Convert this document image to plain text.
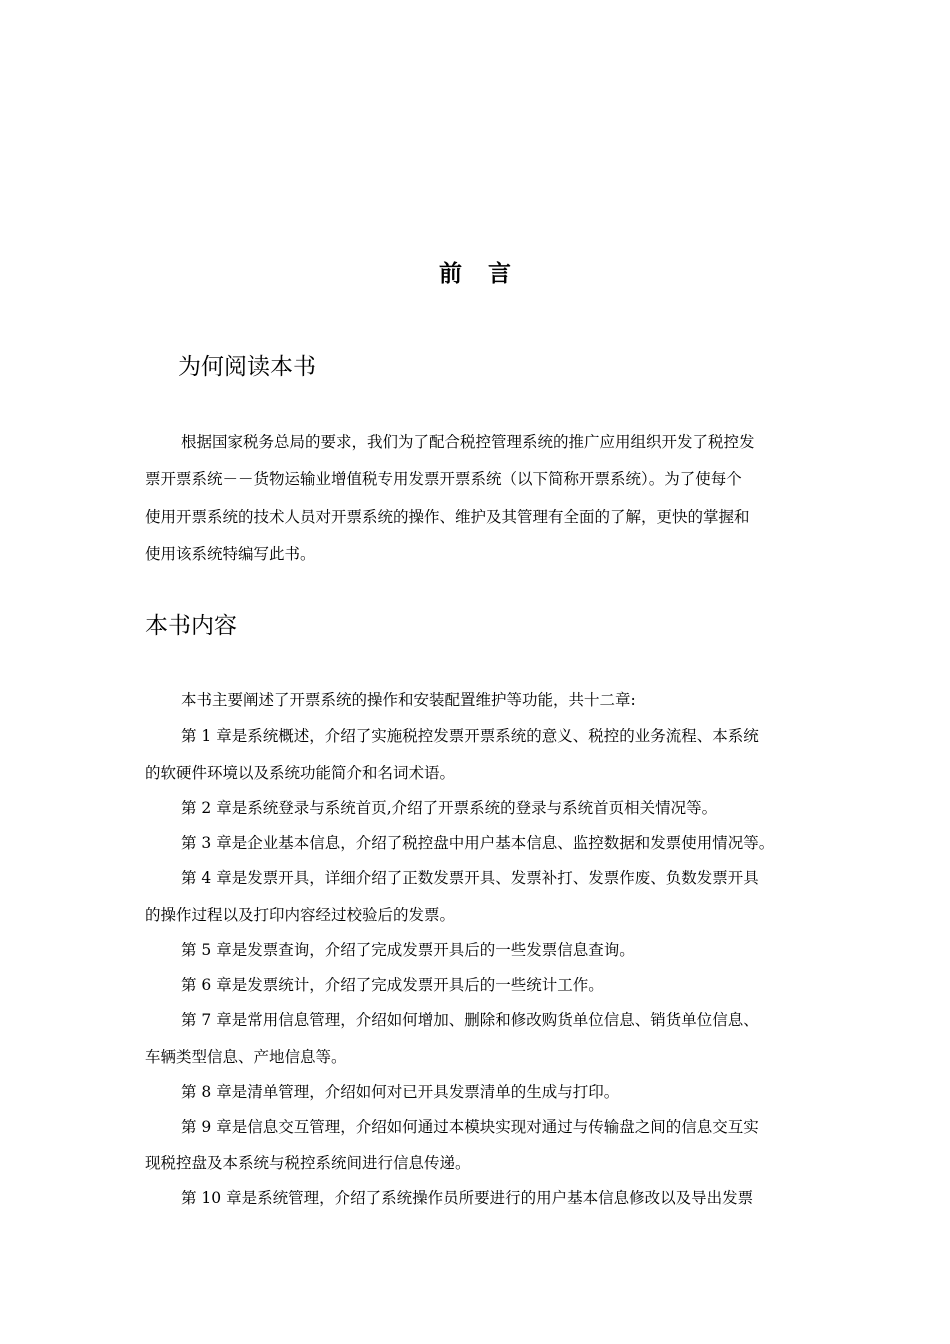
前言
为何阅读本书
根据国家税务总局的要求，我们为了配合税控管理系统的推广应用组织开发了税控发
票开票系统－－货物运输业增值税专用发票开票系统（以下简称开票系统）。为了使每个
使用开票系统的技术人员对开票系统的操作、维护及其管理有全面的了解，更快的掌握和
使用该系统特编写此书。
本书内容
本书主要阐述了开票系统的操作和安装配置维护等功能，共十二章:
第 1 章是系统概述，介绍了实施税控发票开票系统的意义、税控的业务流程、本系统
的软硬件环境以及系统功能简介和名词术语。
第 2 章是系统登录与系统首页,介绍了开票系统的登录与系统首页相关情况等。
第 3 章是企业基本信息，介绍了税控盘中用户基本信息、监控数据和发票使用情况等。
第 4 章是发票开具，详细介绍了正数发票开具、发票补打、发票作废、负数发票开具
的操作过程以及打印内容经过校验后的发票。
第 5 章是发票查询，介绍了完成发票开具后的一些发票信息查询。
第 6 章是发票统计，介绍了完成发票开具后的一些统计工作。
第 7 章是常用信息管理，介绍如何增加、删除和修改购货单位信息、销货单位信息、
车辆类型信息、产地信息等。
第 8 章是清单管理，介绍如何对已开具发票清单的生成与打印。
第 9 章是信息交互管理，介绍如何通过本模块实现对通过与传输盘之间的信息交互实
现税控盘及本系统与税控系统间进行信息传递。
第 10 章是系统管理，介绍了系统操作员所要进行的用户基本信息修改以及导出发票
